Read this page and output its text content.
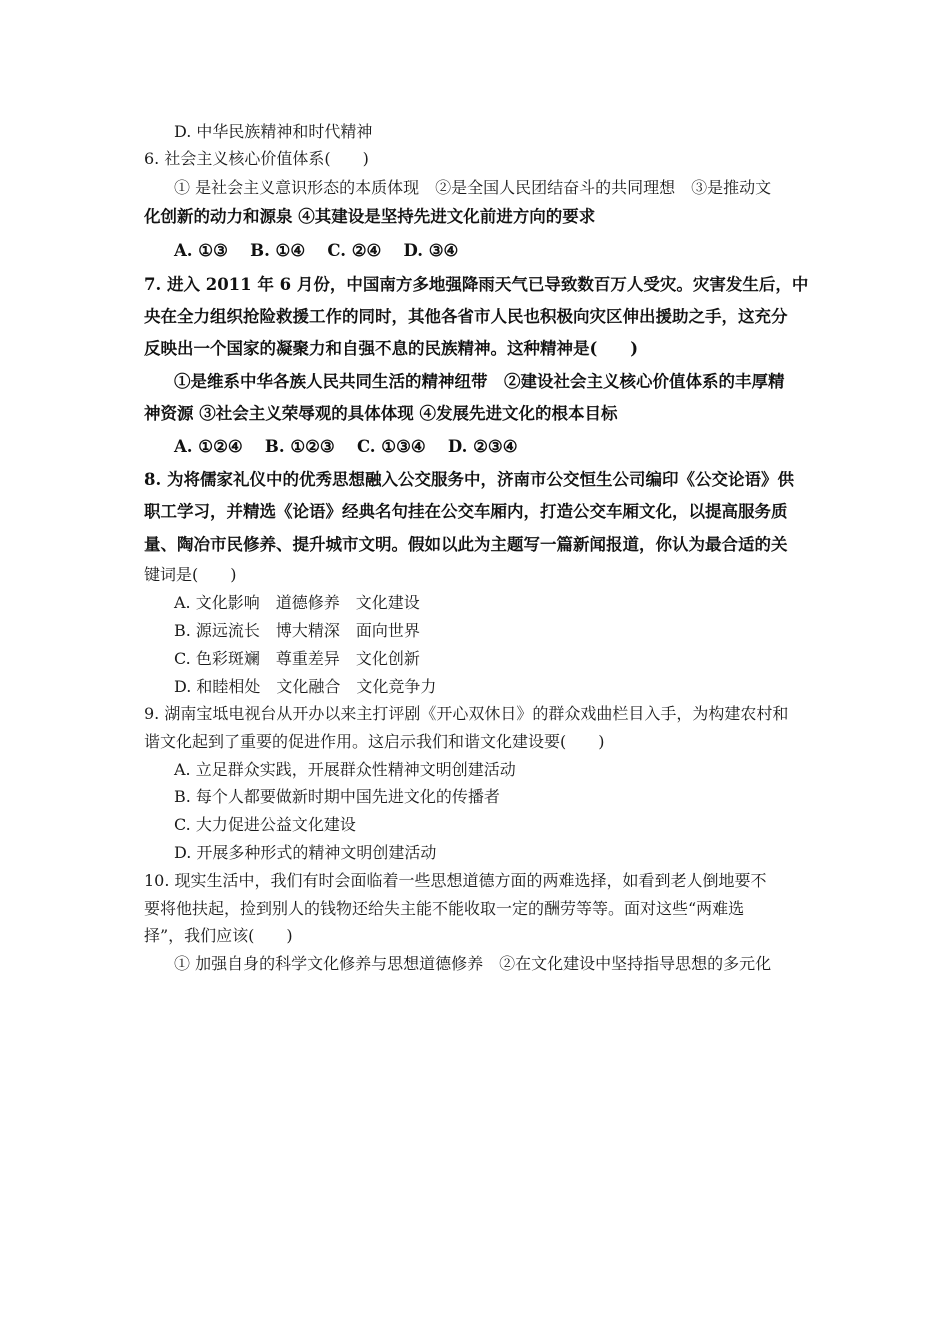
D. 中华民族精神和时代精神
6. 社会主义核心价值体系(　　)
① 是社会主义意识形态的本质体现　②是全国人民团结奋斗的共同理想　③是推动文
化创新的动力和源泉 ④其建设是坚持先进文化前进方向的要求
A. ①③　 B. ①④　 C. ②④　 D. ③④
7. 进入 2011 年 6 月份，中国南方多地强降雨天气已导致数百万人受灾。灾害发生后，中
央在全力组织抢险救援工作的同时，其他各省市人民也积极向灾区伸出援助之手，这充分
反映出一个国家的凝聚力和自强不息的民族精神。这种精神是(　　)
①是维系中华各族人民共同生活的精神纽带　②建设社会主义核心价值体系的丰厚精
神资源 ③社会主义荣辱观的具体体现 ④发展先进文化的根本目标
A. ①②④　 B. ①②③　 C. ①③④　 D. ②③④
8. 为将儒家礼仪中的优秀思想融入公交服务中，济南市公交恒生公司编印《公交论语》供
职工学习，并精选《论语》经典名句挂在公交车厢内，打造公交车厢文化，以提高服务质
量、陶冶市民修养、提升城市文明。假如以此为主题写一篇新闻报道，你认为最合适的关
键词是(　　)
A. 文化影响　道德修养　文化建设
B. 源远流长　博大精深　面向世界
C. 色彩斑斓　尊重差异　文化创新
D. 和睦相处　文化融合　文化竞争力
9. 湖南宝坻电视台从开办以来主打评剧《开心双休日》的群众戏曲栏目入手，为构建农村和
谐文化起到了重要的促进作用。这启示我们和谐文化建设要(　　)
A. 立足群众实践，开展群众性精神文明创建活动
B. 每个人都要做新时期中国先进文化的传播者
C. 大力促进公益文化建设
D. 开展多种形式的精神文明创建活动
10. 现实生活中，我们有时会面临着一些思想道德方面的两难选择，如看到老人倒地要不
要将他扶起，捡到别人的钱物还给失主能不能收取一定的酬劳等等。面对这些“两难选
择”，我们应该(　　)
① 加强自身的科学文化修养与思想道德修养　②在文化建设中坚持指导思想的多元化
